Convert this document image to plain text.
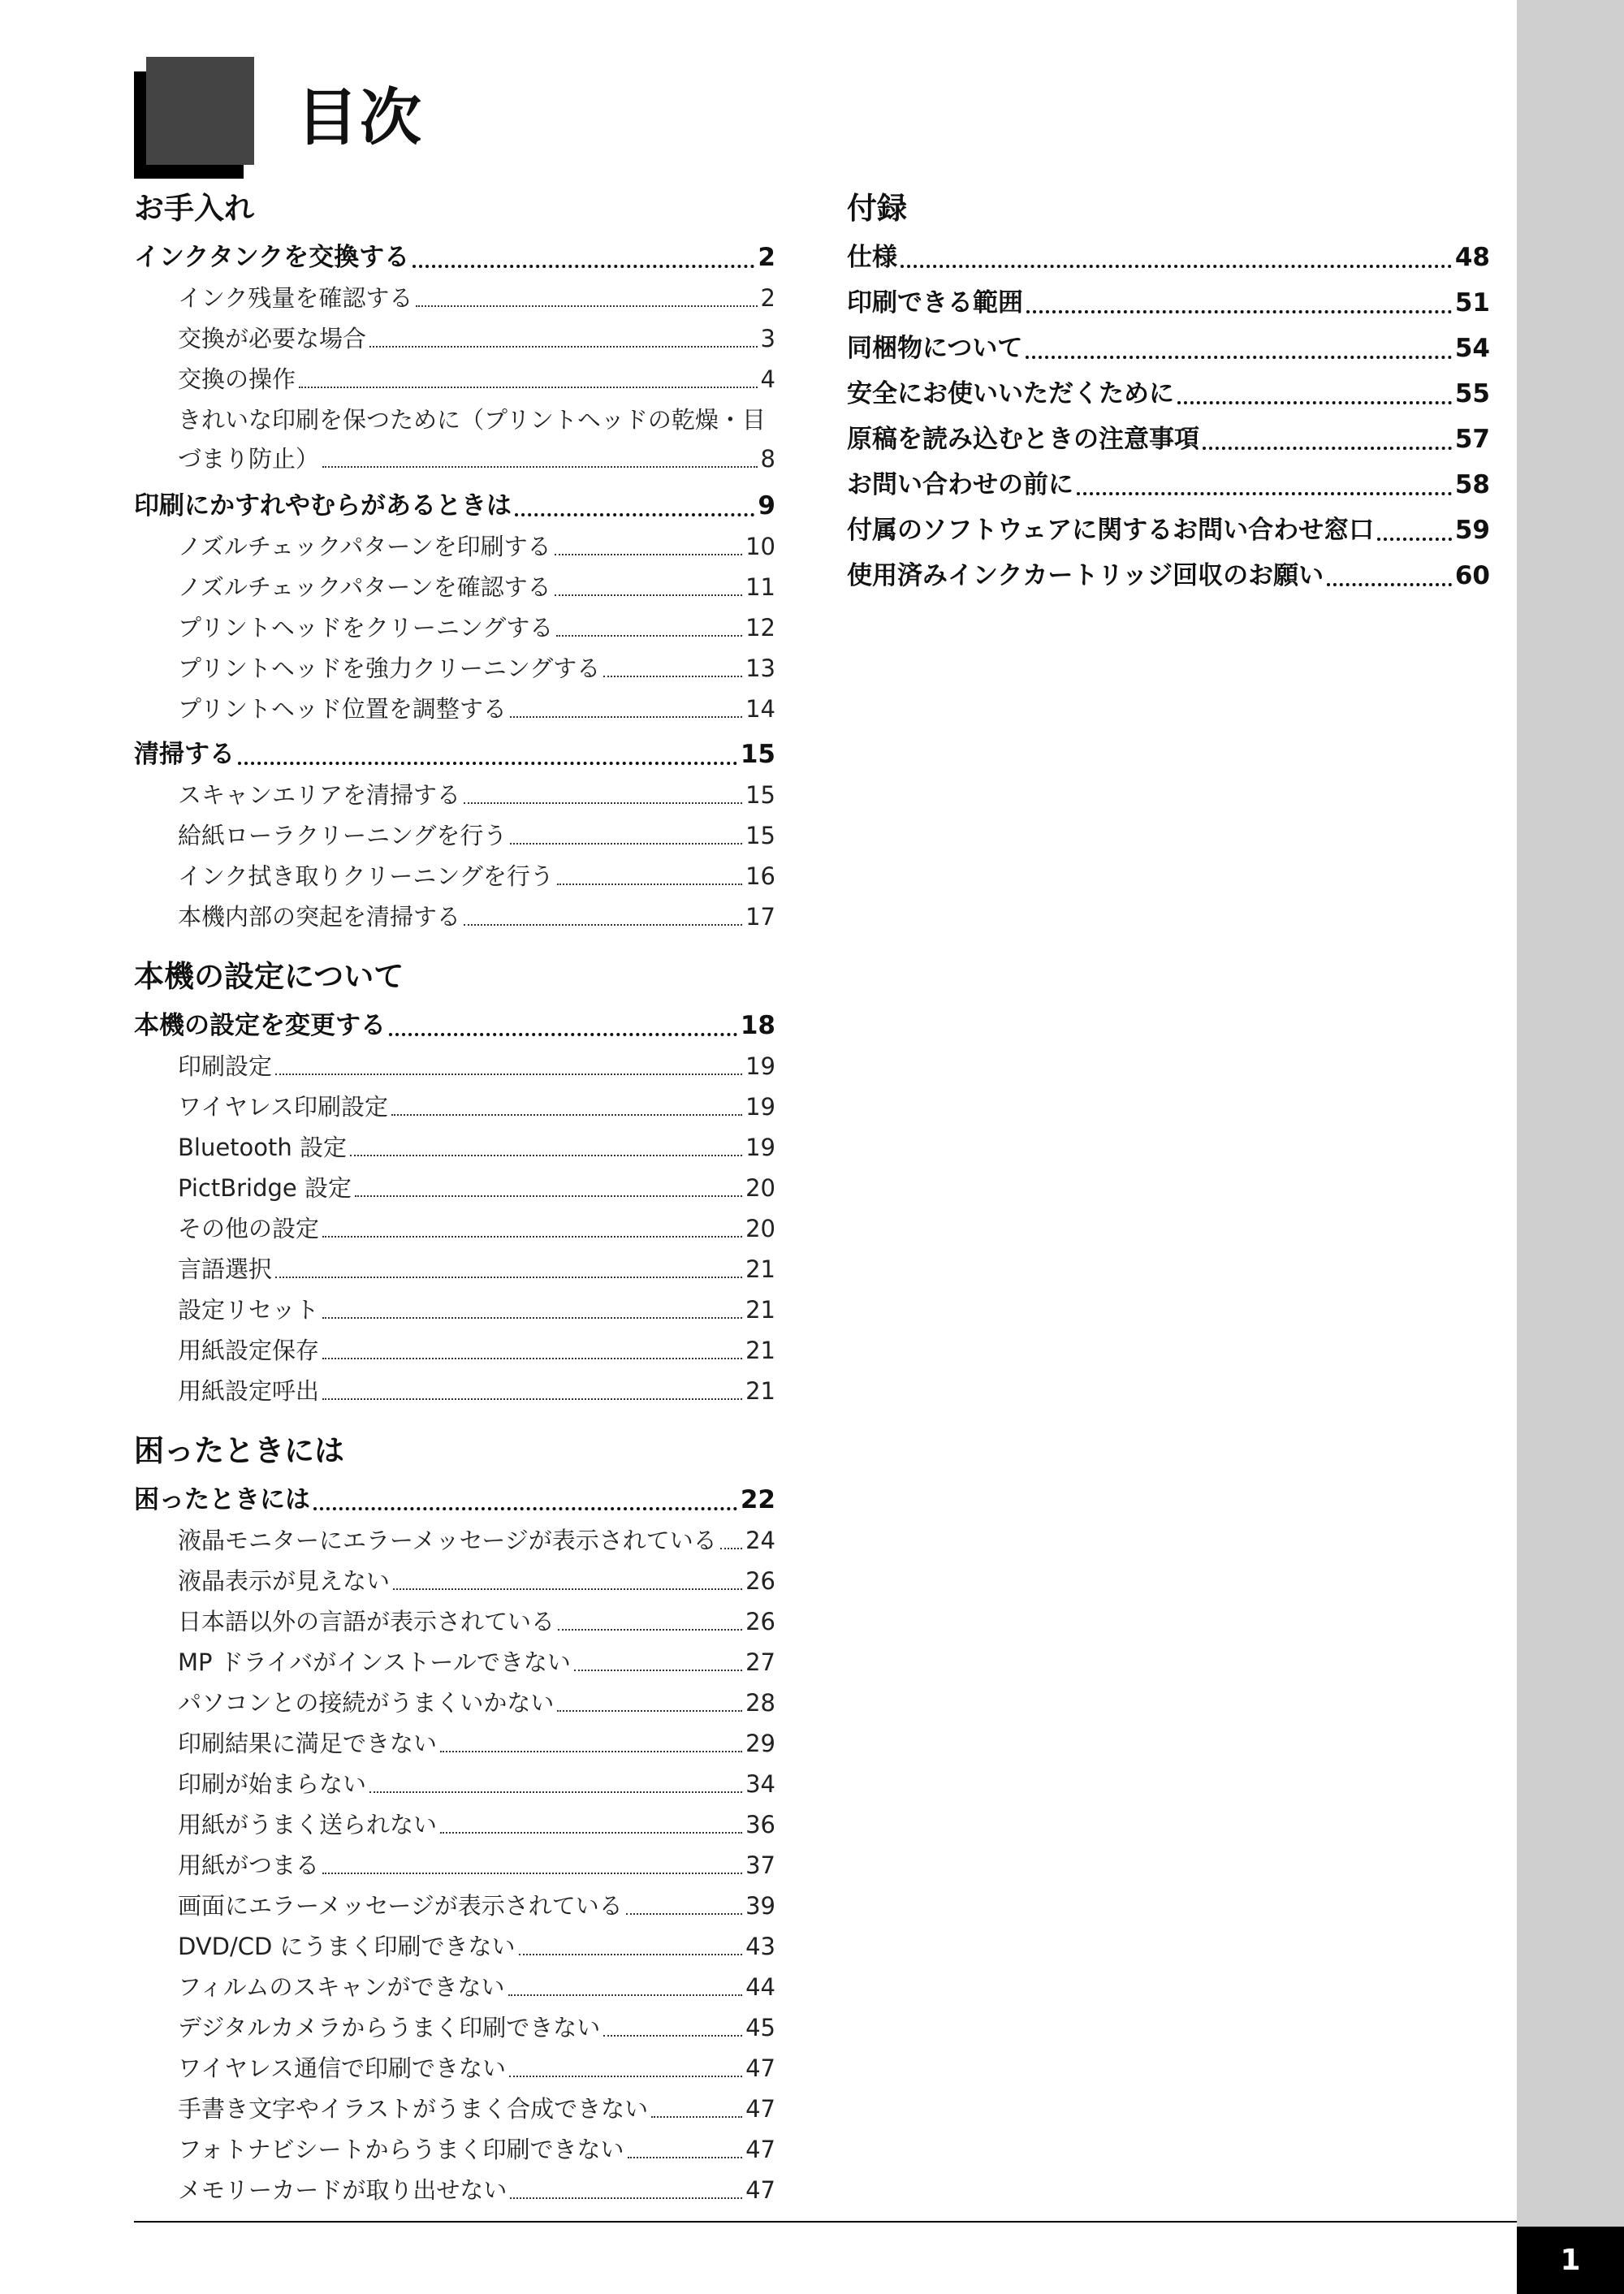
目次
お手入れ
インクタンクを交換する	2
インク残量を確認する	2
交換が必要な場合	3
交換の操作	4
きれいな印刷を保つために（プリントヘッドの乾燥・目
づまり防止）	8
印刷にかすれやむらがあるときは	9
ノズルチェックパターンを印刷する	10
ノズルチェックパターンを確認する	11
プリントヘッドをクリーニングする	12
プリントヘッドを強力クリーニングする	13
プリントヘッド位置を調整する	14
清掃する	15
スキャンエリアを清掃する	15
給紙ローラクリーニングを行う	15
インク拭き取りクリーニングを行う	16
本機内部の突起を清掃する	17
本機の設定について
本機の設定を変更する	18
印刷設定	19
ワイヤレス印刷設定	19
Bluetooth 設定	19
PictBridge 設定	20
その他の設定	20
言語選択	21
設定リセット	21
用紙設定保存	21
用紙設定呼出	21
困ったときには
困ったときには	22
液晶モニターにエラーメッセージが表示されている 24
液晶表示が見えない	26
日本語以外の言語が表示されている	26
MP ドライバがインストールできない	27
パソコンとの接続がうまくいかない	28
印刷結果に満足できない	29
印刷が始まらない	34
用紙がうまく送られない	36
用紙がつまる	37
画面にエラーメッセージが表示されている	39
DVD/CD にうまく印刷できない	43
フィルムのスキャンができない	44
デジタルカメラからうまく印刷できない	45
ワイヤレス通信で印刷できない	47
手書き文字やイラストがうまく合成できない	47
フォトナビシートからうまく印刷できない	47
メモリーカードが取り出せない	47
付録
仕様	48
印刷できる範囲	51
同梱物について	54
安全にお使いいただくために	55
原稿を読み込むときの注意事項	57
お問い合わせの前に	58
付属のソフトウェアに関するお問い合わせ窓口	59
使用済みインクカートリッジ回収のお願い	60
1
